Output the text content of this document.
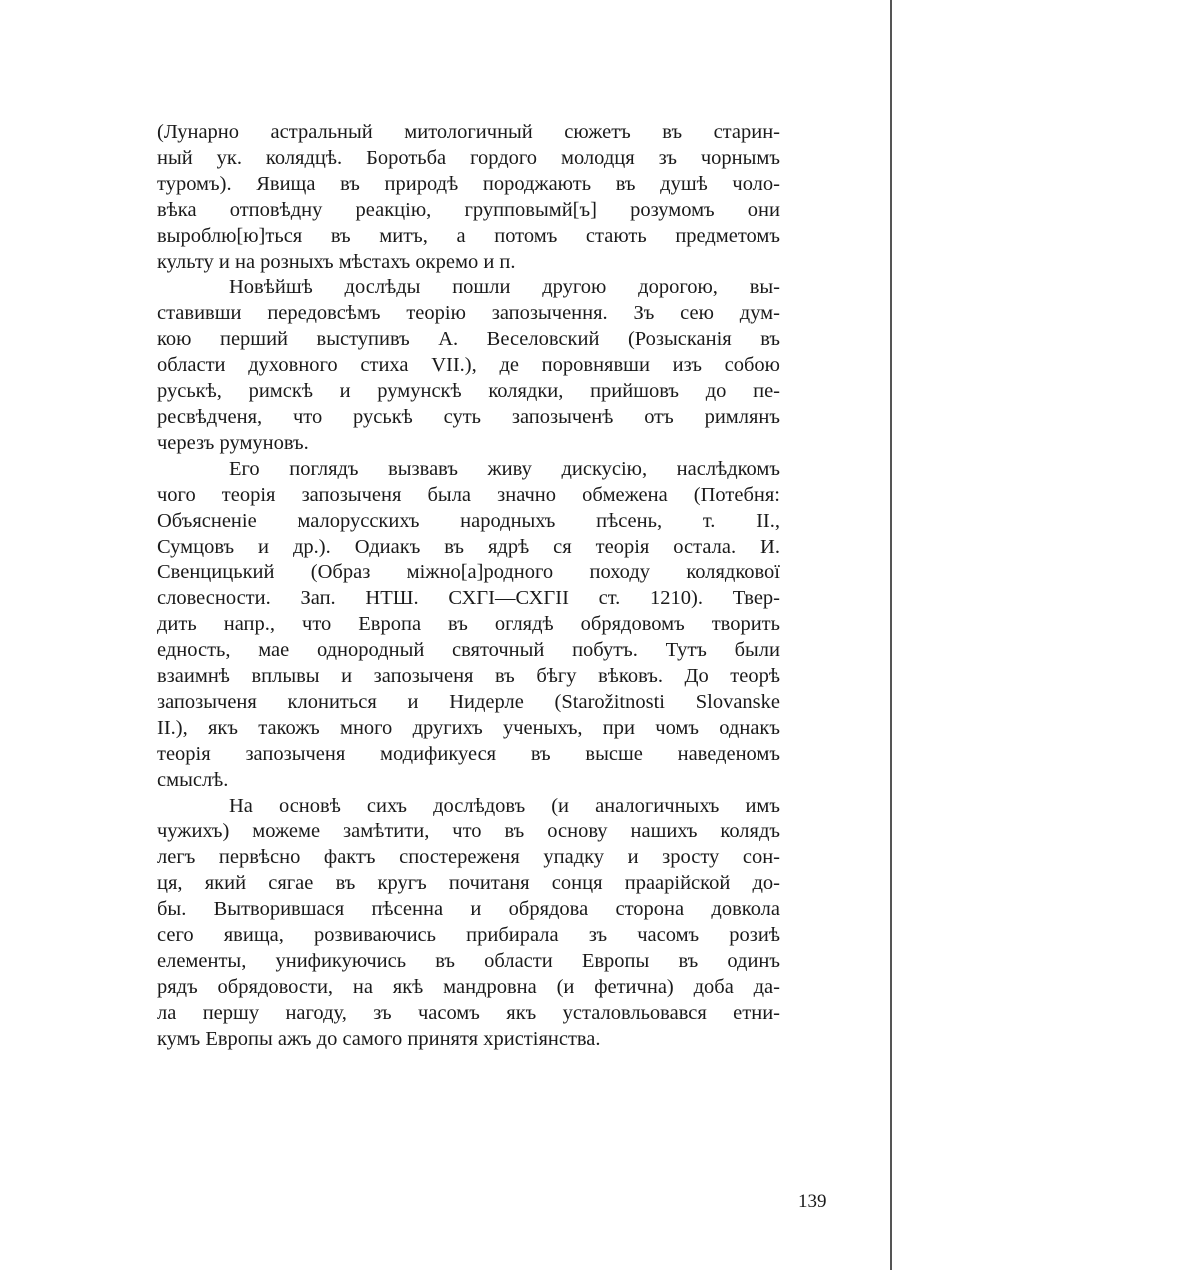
(Лунарно астральный митологичный сюжетъ въ старин-
ный ук. колядцѣ. Боротьба гордого молодця зъ чорнымъ
туромъ). Явища въ природѣ породжають въ душѣ чоло-
вѣка отповѣдну реакцію, групповымй[ъ] розумомъ они
выроблю[ю]ться въ митъ, а потомъ стають предметомъ
культу и на розныхъ мѣстахъ окремо и п.

Новѣйшѣ дослѣды пошли другою дорогою, вы-
ставивши передовсѣмъ теорію запозычення. Зъ сею дум-
кою перший выступивъ А. Веселовский (Розысканія въ
области духовного стиха VII.), де поровнявши изъ собою
руськѣ, римскѣ и румунскѣ колядки, прийшовъ до пе-
ресвѣдченя, что руськѣ суть запозыченѣ отъ римлянъ
черезъ румуновъ.

Его поглядъ вызвавъ живу дискусію, наслѣдкомъ
чого теорія запозыченя была значно обмежена (Потебня:
Объясненіе малорусскихъ народныхъ пѣсень, т. II.,
Сумцовъ и др.). Одиакъ въ ядрѣ ся теорія остала. И.
Свенцицький (Образ міжно[а]родного походу колядкової
словесности. Зап. НТШ. СХГІ—СХГІІ ст. 1210). Твер-
дить напр., что Европа въ оглядѣ обрядовомъ творить
едность, мае однородный святочный побутъ. Тутъ были
взаимнѣ вплывы и запозыченя въ бѣгу вѣковъ. До теорѣ
запозыченя клониться и Нидерле (Starožitnosti Slovanske
II.), якъ такожъ много другихъ ученыхъ, при чомъ однакъ
теорія запозыченя модификуеся въ высше наведеномъ
смыслѣ.

На основѣ сихъ дослѣдовъ (и аналогичныхъ имъ
чужихъ) можеме замѣтити, что въ основу нашихъ колядъ
легъ первѣсно фактъ спостереженя упадку и зросту сон-
ця, який сягае въ кругъ почитаня сонця праарійской до-
бы. Вытворившася пѣсенна и обрядова сторона довкола
сего явища, розвиваючись прибирала зъ часомъ розиѣ
елементы, унификуючись въ области Европы въ одинъ
рядъ обрядовости, на якѣ мандровна (и фетична) доба да-
ла першу нагоду, зъ часомъ якъ усталовльовався етни-
кумъ Европы ажъ до самого принятя христіянства.

139
